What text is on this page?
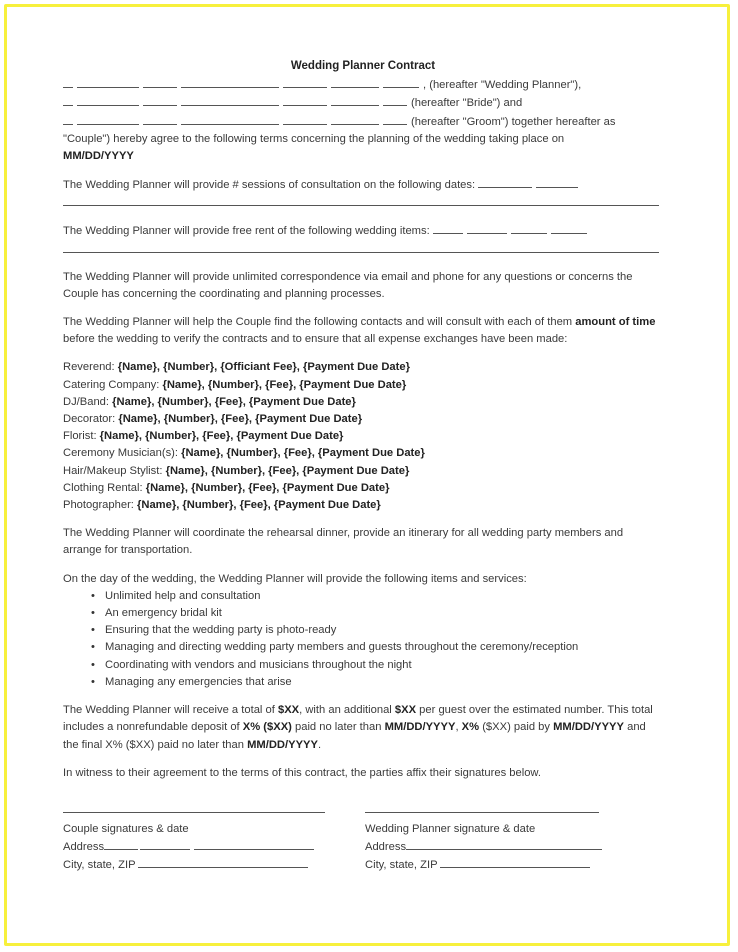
Wedding Planner Contract

, (hereafter "Wedding Planner"),

(hereafter "Bride") and

(hereafter "Groom") together hereafter as

"Couple") hereby agree to the following terms concerning the planning of the wedding taking place on
MM/DD/YYYY

The Wedding Planner will provide # sessions of consultation on the following dates:

The Wedding Planner will provide free rent of the following wedding items:

The Wedding Planner will provide unlimited correspondence via email and phone for any questions or concerns the Couple has concerning the coordinating and planning processes.

The Wedding Planner will help the Couple find the following contacts and will consult with each of them amount of time before the wedding to verify the contracts and to ensure that all expense exchanges have been made:

Reverend: {Name}, {Number}, {Officiant Fee}, {Payment Due Date}

Catering Company: {Name}, {Number}, {Fee}, {Payment Due Date}

DJ/Band: {Name}, {Number}, {Fee}, {Payment Due Date}

Decorator: {Name}, {Number}, {Fee}, {Payment Due Date}

Florist: {Name}, {Number}, {Fee}, {Payment Due Date}

Ceremony Musician(s): {Name}, {Number}, {Fee}, {Payment Due Date}

Hair/Makeup Stylist: {Name}, {Number}, {Fee}, {Payment Due Date}

Clothing Rental: {Name}, {Number}, {Fee}, {Payment Due Date}

Photographer: {Name}, {Number}, {Fee}, {Payment Due Date}

The Wedding Planner will coordinate the rehearsal dinner, provide an itinerary for all wedding party members and arrange for transportation.

On the day of the wedding, the Wedding Planner will provide the following items and services:

• Unlimited help and consultation
• An emergency bridal kit
• Ensuring that the wedding party is photo-ready
• Managing and directing wedding party members and guests throughout the ceremony/reception
• Coordinating with vendors and musicians throughout the night
• Managing any emergencies that arise

The Wedding Planner will receive a total of $XX, with an additional $XX per guest over the estimated number. This total includes a nonrefundable deposit of X% ($XX) paid no later than MM/DD/YYYY, X% ($XX) paid by MM/DD/YYYY and the final X% ($XX) paid no later than MM/DD/YYYY.

In witness to their agreement to the terms of this contract, the parties affix their signatures below.

Couple signatures & date
Address
City, state, ZIP
Wedding Planner signature & date
Address
City, state, ZIP
